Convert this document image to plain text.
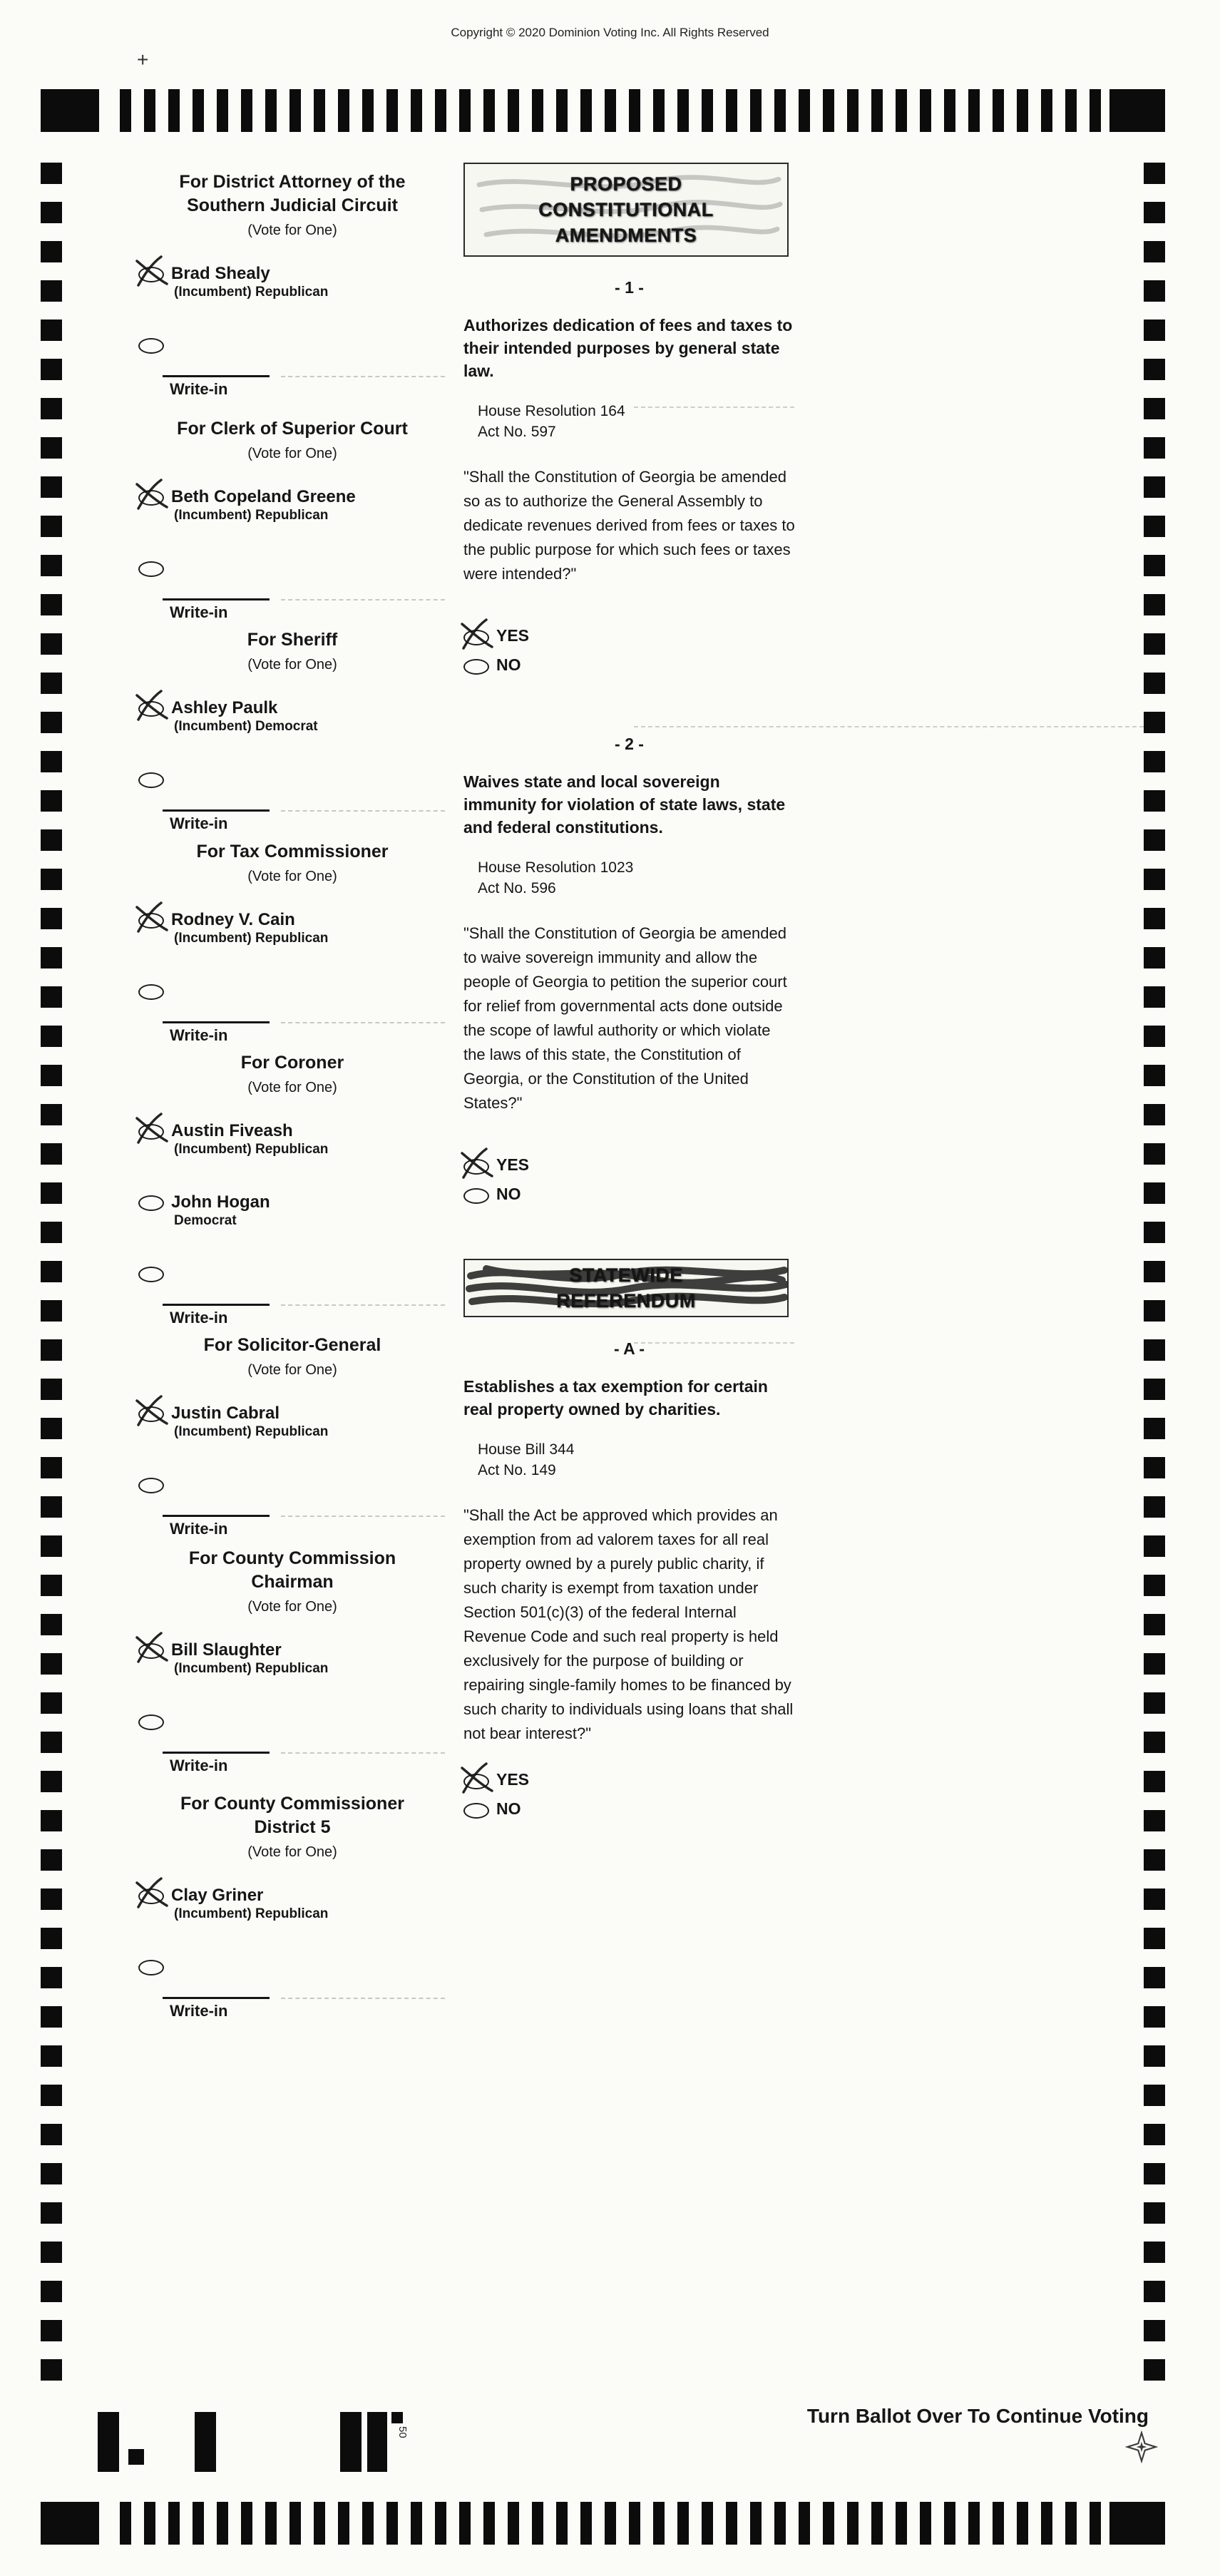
Copyright © 2020 Dominion Voting Inc. All Rights Reserved
+
For District Attorney of the Southern Judicial Circuit
(Vote for One)
Brad Shealy
(Incumbent) Republican
Write-in
For Clerk of Superior Court
(Vote for One)
Beth Copeland Greene
(Incumbent) Republican
Write-in
For Sheriff
(Vote for One)
Ashley Paulk
(Incumbent) Democrat
Write-in
For Tax Commissioner
(Vote for One)
Rodney V. Cain
(Incumbent) Republican
Write-in
For Coroner
(Vote for One)
Austin Fiveash
(Incumbent) Republican
John Hogan
Democrat
Write-in
For Solicitor-General
(Vote for One)
Justin Cabral
(Incumbent) Republican
Write-in
For County Commission Chairman
(Vote for One)
Bill Slaughter
(Incumbent) Republican
Write-in
For County Commissioner District 5
(Vote for One)
Clay Griner
(Incumbent) Republican
Write-in
PROPOSED CONSTITUTIONAL AMENDMENTS
- 1 -

Authorizes dedication of fees and taxes to their intended purposes by general state law.

House Resolution 164
Act No. 597

"Shall the Constitution of Georgia be amended so as to authorize the General Assembly to dedicate revenues derived from fees or taxes to the public purpose for which such fees or taxes were intended?"

YES
NO
- 2 -

Waives state and local sovereign immunity for violation of state laws, state and federal constitutions.

House Resolution 1023
Act No. 596

"Shall the Constitution of Georgia be amended to waive sovereign immunity and allow the people of Georgia to petition the superior court for relief from governmental acts done outside the scope of lawful authority or which violate the laws of this state, the Constitution of Georgia, or the Constitution of the United States?"

YES
NO
STATEWIDE REFERENDUM
- A -

Establishes a tax exemption for certain real property owned by charities.

House Bill 344
Act No. 149

"Shall the Act be approved which provides an exemption from ad valorem taxes for all real property owned by a purely public charity, if such charity is exempt from taxation under Section 501(c)(3) of the federal Internal Revenue Code and such real property is held exclusively for the purpose of building or repairing single-family homes to be financed by such charity to individuals using loans that shall not bear interest?"

YES
NO
50
Turn Ballot Over To Continue Voting
